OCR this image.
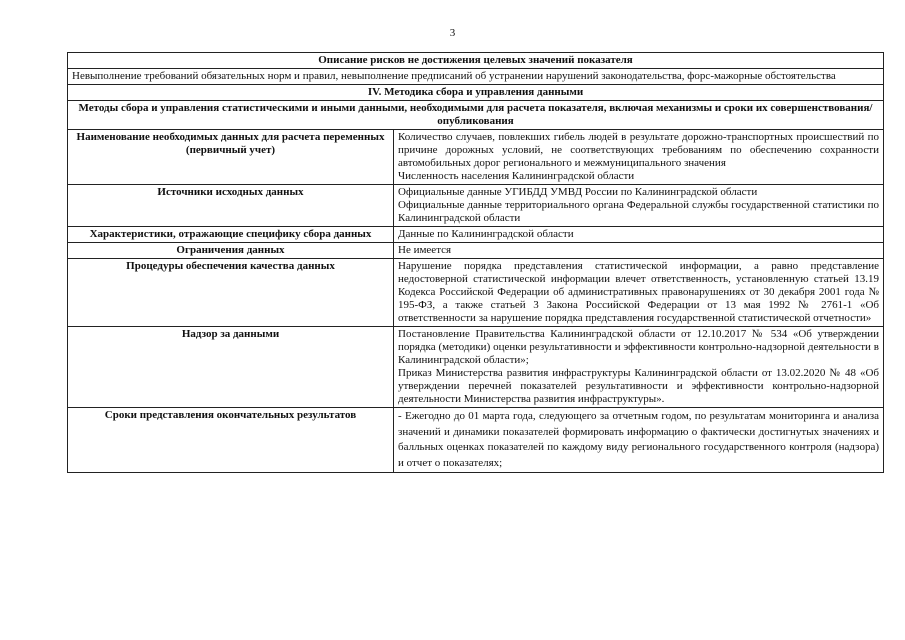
3
Описание рисков не достижения целевых значений показателя	
Невыполнение требований обязательных норм и правил, невыполнение предписаний об устранении нарушений законодательства, форс-мажорные обстоятельства	
IV. Методика сбора и управления данными	
Методы сбора и управления статистическими и иными данными, необходимыми для расчета показателя, включая механизмы и сроки их совершенствования/опубликования	
Наименование необходимых данных для расчета переменных (первичный учет)	Количество случаев, повлекших гибель людей в результате дорожно-транспортных происшествий по причине дорожных условий, не соответствующих требованиям по обеспечению сохранности автомобильных дорог регионального и межмуниципального значения

Численность населения Калининградской области

Источники исходных данных	Официальные данные УГИБДД УМВД России по Калининградской области

Официальные данные территориального органа Федеральной службы государственной статистики по Калининградской области

Характеристики, отражающие специфику сбора данных	Данные по Калининградской области

Ограничения данных	Не имеется

Процедуры обеспечения качества данных	Нарушение порядка представления статистической информации, а равно представление недостоверной статистической информации влечет ответственность, установленную статьей 13.19 Кодекса Российской Федерации об административных правонарушениях от 30 декабря 2001 года № 195-ФЗ, а также статьей 3 Закона Российской Федерации от 13 мая 1992 № 2761-1 «Об ответственности за нарушение порядка представления государственной статистической отчетности»

Надзор за данными	Постановление Правительства Калининградской области от 12.10.2017 № 534 «Об утверждении порядка (методики) оценки результативности и эффективности контрольно-надзорной деятельности в Калининградской области»;

Приказ Министерства развития инфраструктуры Калининградской области от 13.02.2020 № 48 «Об утверждении перечней показателей результативности и эффективности контрольно-надзорной деятельности Министерства развития инфраструктуры».

Сроки представления окончательных результатов	- Ежегодно до 01 марта года, следующего за отчетным годом, по результатам мониторинга и анализа значений и динамики показателей формировать информацию о фактически достигнутых значениях и балльных оценках показателей по каждому виду регионального государственного контроля (надзора) и отчет о показателях;
